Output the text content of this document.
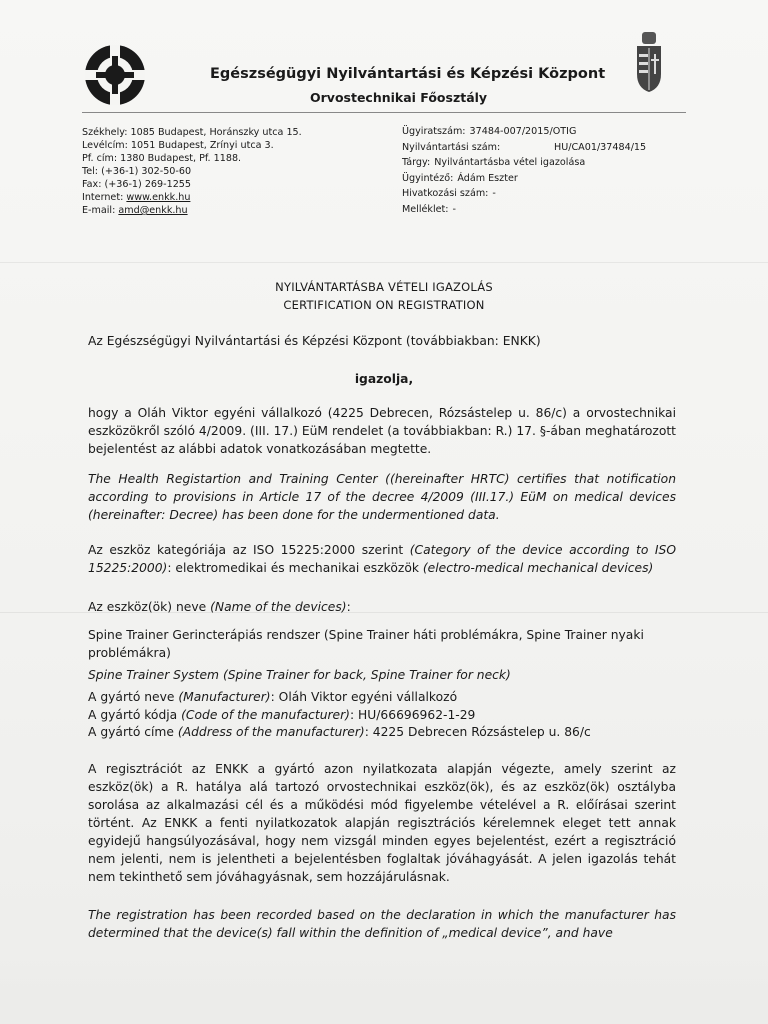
Egészségügyi Nyilvántartási és Képzési Központ
Orvostechnikai Főosztály
Székhely: 1085 Budapest, Horánszky utca 15.
Levélcím: 1051 Budapest, Zrínyi utca 3.
Pf. cím: 1380 Budapest, Pf. 1188.
Tel: (+36-1) 302-50-60
Fax: (+36-1) 269-1255
Internet: www.enkk.hu
E-mail: amd@enkk.hu
Ügyiratszám: 37484-007/2015/OTIG
Nyilvántartási szám:	HU/CA01/37484/15
Tárgy: Nyilvántartásba vétel igazolása
Ügyintéző: Ádám Eszter
Hivatkozási szám: -
Melléklet: -
NYILVÁNTARTÁSBA VÉTELI IGAZOLÁS
CERTIFICATION ON REGISTRATION
Az Egészségügyi Nyilvántartási és Képzési Központ (továbbiakban: ENKK)
igazolja,
hogy a Oláh Viktor egyéni vállalkozó (4225 Debrecen, Rózsástelep u. 86/c) a orvostechnikai eszközökről szóló 4/2009. (III. 17.) EüM rendelet (a továbbiakban: R.) 17. §-ában meghatározott bejelentést az alábbi adatok vonatkozásában megtette.
The Health Registartion and Training Center ((hereinafter HRTC) certifies that notification according to provisions in Article 17 of the decree 4/2009 (III.17.) EüM on medical devices (hereinafter: Decree) has been done for the undermentioned data.
Az eszköz kategóriája az ISO 15225:2000 szerint (Category of the device according to ISO 15225:2000): elektromedikai és mechanikai eszközök (electro-medical mechanical devices)
Az eszköz(ök) neve (Name of the devices):
Spine Trainer Gerincterápiás rendszer (Spine Trainer háti problémákra, Spine Trainer nyaki problémákra)
Spine Trainer System (Spine Trainer for back, Spine Trainer for neck)
A gyártó neve (Manufacturer): Oláh Viktor egyéni vállalkozó
A gyártó kódja (Code of the manufacturer): HU/66696962-1-29
A gyártó címe (Address of the manufacturer): 4225 Debrecen Rózsástelep u. 86/c
A regisztrációt az ENKK a gyártó azon nyilatkozata alapján végezte, amely szerint az eszköz(ök) a R. hatálya alá tartozó orvostechnikai eszköz(ök), és az eszköz(ök) osztályba sorolása az alkalmazási cél és a működési mód figyelembe vételével a R. előírásai szerint történt. Az ENKK a fenti nyilatkozatok alapján regisztrációs kérelemnek eleget tett annak egyidejű hangsúlyozásával, hogy nem vizsgál minden egyes bejelentést, ezért a regisztráció nem jelenti, nem is jelentheti a bejelentésben foglaltak jóváhagyását. A jelen igazolás tehát nem tekinthető sem jóváhagyásnak, sem hozzájárulásnak.
The registration has been recorded based on the declaration in which the manufacturer has determined that the device(s) fall within the definition of „medical device”, and have
